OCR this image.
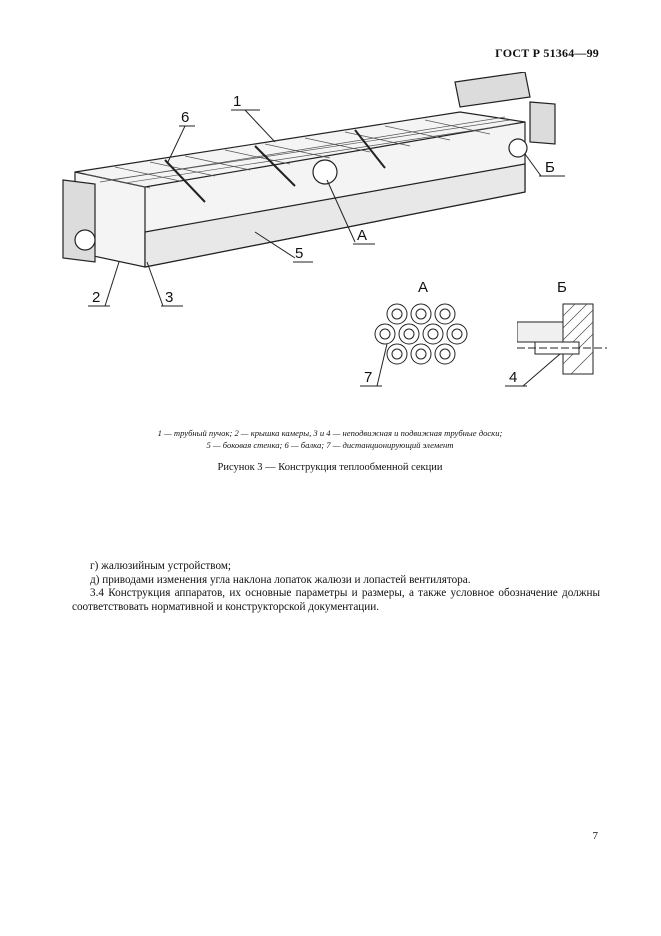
ГОСТ Р 51364—99
1
6
5
2	3
А
Б
А
7
Б
4
1 — трубный пучок; 2 — крышка камеры, 3 и 4 — неподвижная и подвижная трубные доски;
5 — боковая стенка; 6 — балка; 7 — дистанционирующий элемент
Рисунок 3 — Конструкция теплообменной секции

г) жалюзийным устройством;

д) приводами изменения угла наклона лопаток жалюзи и лопастей вентилятора.

3.4 Конструкция аппаратов, их основные параметры и размеры, а также условное обозначение должны соответствовать нормативной и конструкторской документации.

7
